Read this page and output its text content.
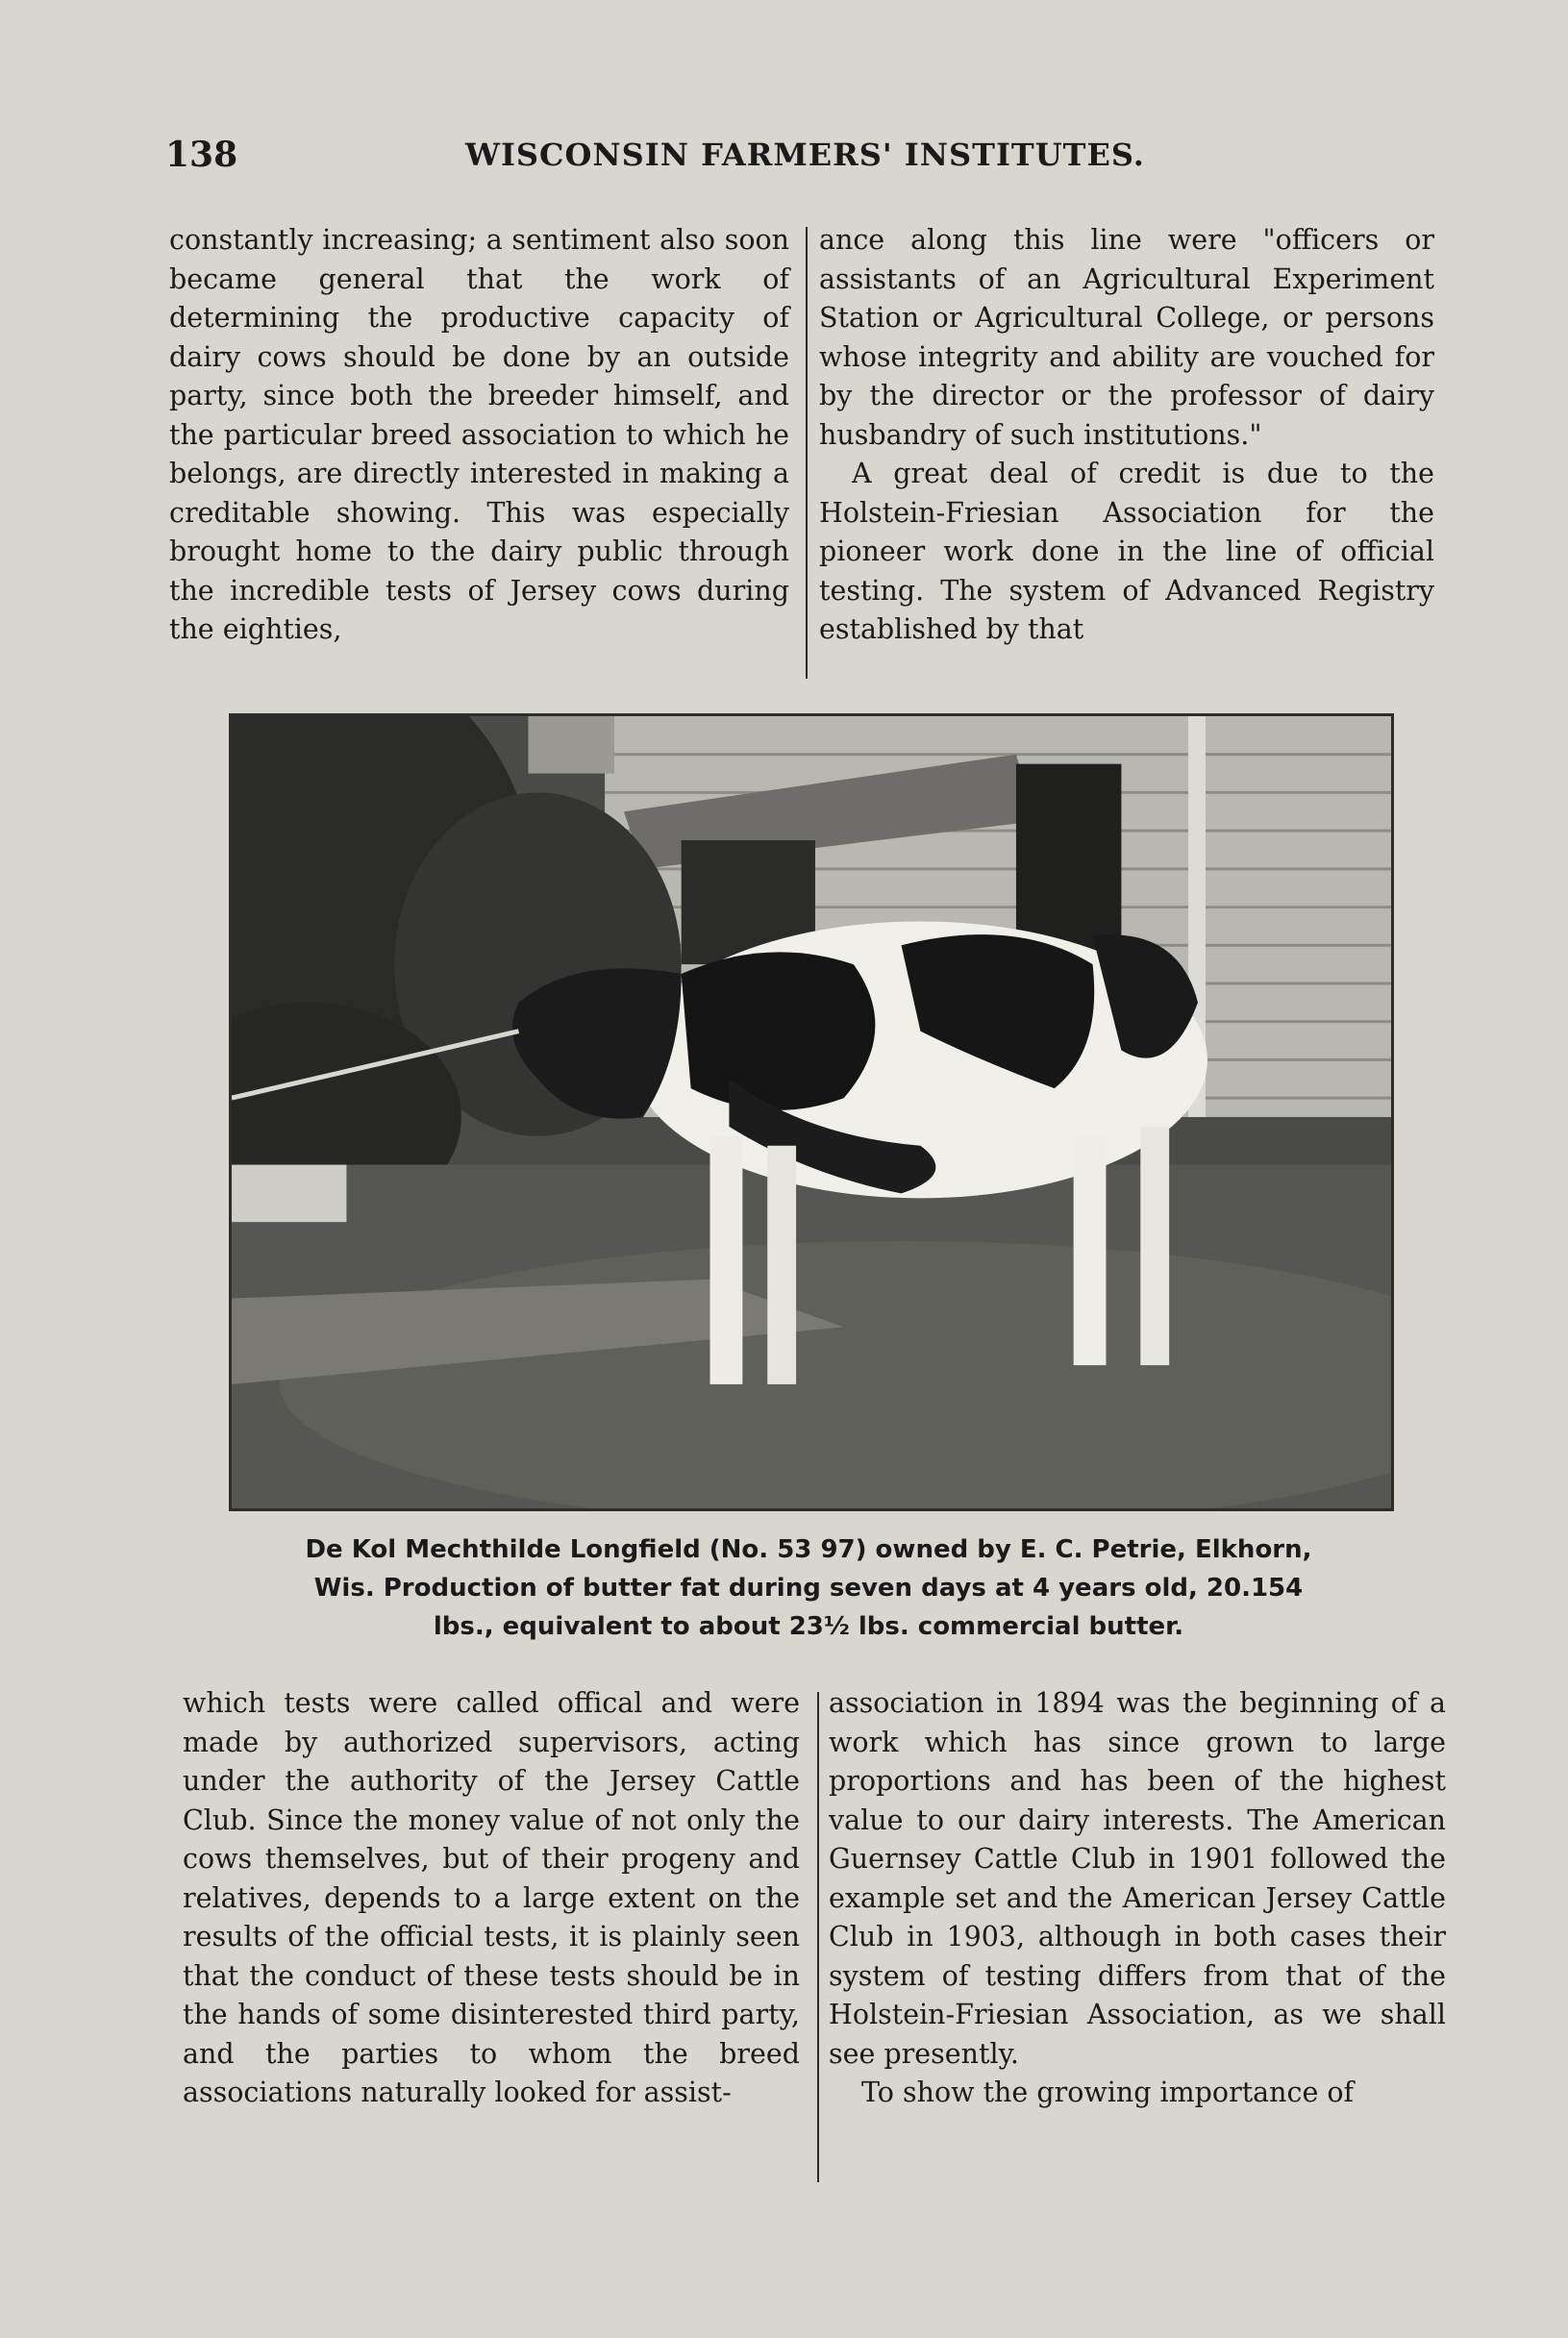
138	WISCONSIN FARMERS' INSTITUTES.

constantly increasing; a sentiment also soon became general that the work of determining the productive capacity of dairy cows should be done by an outside party, since both the breeder himself, and the particular breed association to which he belongs, are directly interested in making a creditable showing. This was especially brought home to the dairy public through the incredible tests of Jersey cows during the eighties,

ance along this line were "officers or assistants of an Agricultural Experiment Station or Agricultural College, or persons whose integrity and ability are vouched for by the director or the professor of dairy husbandry of such institutions."

A great deal of credit is due to the Holstein-Friesian Association for the pioneer work done in the line of official testing. The system of Advanced Registry established by that

De Kol Mechthilde Longfield (No. 53 97) owned by E. C. Petrie, Elkhorn,

Wis. Production of butter fat during seven days at 4 years old, 20.154

lbs., equivalent to about 23½ lbs. commercial butter.

which tests were called offical and were made by authorized supervisors, acting under the authority of the Jersey Cattle Club. Since the money value of not only the cows themselves, but of their progeny and relatives, depends to a large extent on the results of the official tests, it is plainly seen that the conduct of these tests should be in the hands of some disinterested third party, and the parties to whom the breed associations naturally looked for assist-

association in 1894 was the beginning of a work which has since grown to large proportions and has been of the highest value to our dairy interests. The American Guernsey Cattle Club in 1901 followed the example set and the American Jersey Cattle Club in 1903, although in both cases their system of testing differs from that of the Holstein-Friesian Association, as we shall see presently.

To show the growing importance of
